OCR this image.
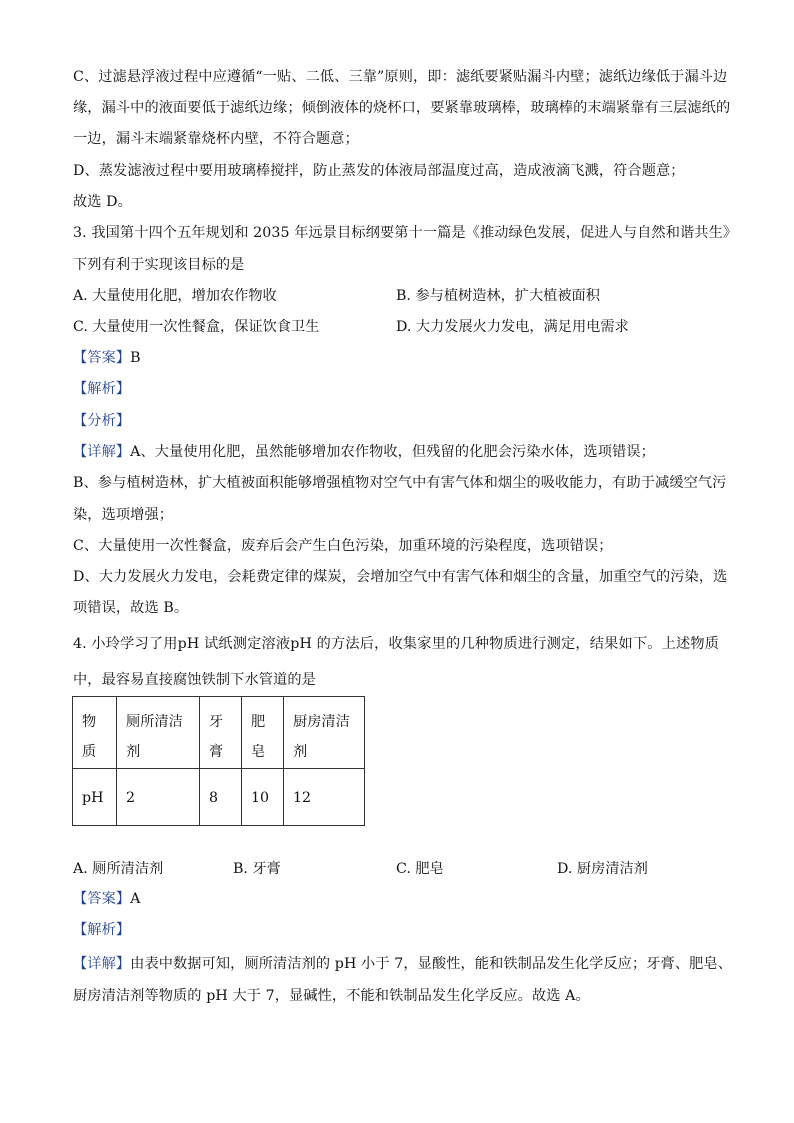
C、过滤悬浮液过程中应遵循“一贴、二低、三靠”原则，即：滤纸要紧贴漏斗内壁；滤纸边缘低于漏斗边
缘，漏斗中的液面要低于滤纸边缘；倾倒液体的烧杯口，要紧靠玻璃棒，玻璃棒的末端紧靠有三层滤纸的
一边，漏斗末端紧靠烧杯内壁，不符合题意；
D、蒸发滤液过程中要用玻璃棒搅拌，防止蒸发的体液局部温度过高，造成液滴飞溅，符合题意；
故选 D。
3. 我国第十四个五年规划和 2035 年远景目标纲要第十一篇是《推动绿色发展，促进人与自然和谐共生》
下列有利于实现该目标的是
A. 大量使用化肥，增加农作物收	B. 参与植树造林，扩大植被面积
C. 大量使用一次性餐盒，保证饮食卫生	D. 大力发展火力发电，满足用电需求
【答案】B
【解析】
【分析】
【详解】A、大量使用化肥，虽然能够增加农作物收，但残留的化肥会污染水体，选项错误；
B、参与植树造林，扩大植被面积能够增强植物对空气中有害气体和烟尘的吸收能力，有助于减缓空气污
染，选项增强；
C、大量使用一次性餐盒，废弃后会产生白色污染，加重环境的污染程度，选项错误；
D、大力发展火力发电，会耗费定律的煤炭，会增加空气中有害气体和烟尘的含量，加重空气的污染，选
项错误，故选 B。
4. 小玲学习了用pH 试纸测定溶液pH 的方法后，收集家里的几种物质进行测定，结果如下。上述物质
中，最容易直接腐蚀铁制下水管道的是
物质	厕所清洁剂	牙膏	肥皂	厨房清洁剂
pH	2	8	10	12
A. 厕所清洁剂	B. 牙膏	C. 肥皂	D. 厨房清洁剂
【答案】A
【解析】
【详解】由表中数据可知，厕所清洁剂的 pH 小于 7，显酸性，能和铁制品发生化学反应；牙膏、肥皂、
厨房清洁剂等物质的 pH 大于 7，显碱性，不能和铁制品发生化学反应。故选 A。
